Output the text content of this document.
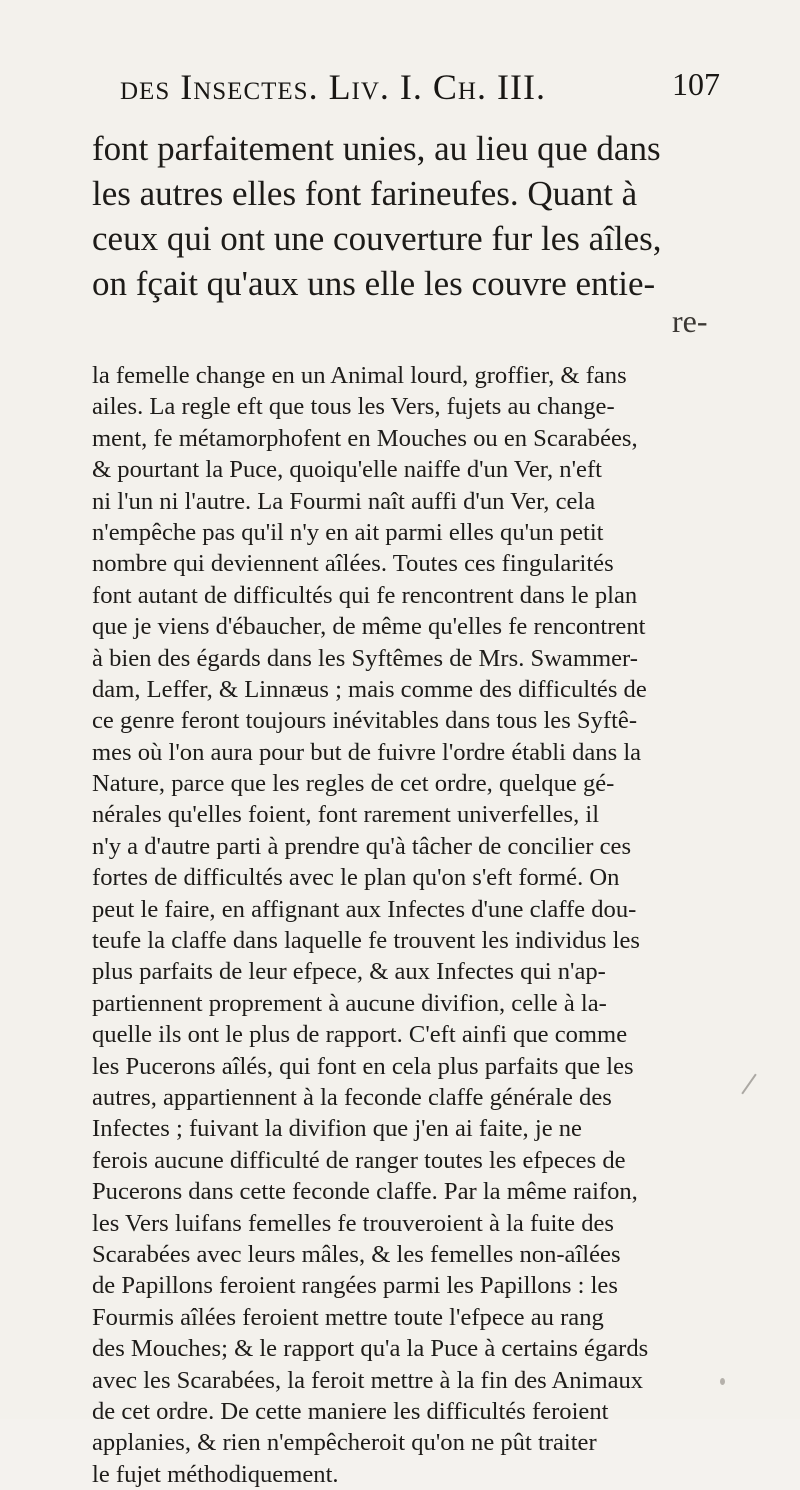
des Insectes. Liv. I. Ch. III.	107
font parfaitement unies, au lieu que dans
les autres elles font farineufes. Quant à
ceux qui ont une couverture fur les aîles,
on fçait qu'aux uns elle les couvre entie-
re-
la femelle change en un Animal lourd, groffier, & fans
ailes. La regle eft que tous les Vers, fujets au change-
ment, fe métamorphofent en Mouches ou en Scarabées,
& pourtant la Puce, quoiqu'elle naiffe d'un Ver, n'eft
ni l'un ni l'autre. La Fourmi naît auffi d'un Ver, cela
n'empêche pas qu'il n'y en ait parmi elles qu'un petit
nombre qui deviennent aîlées. Toutes ces fingularités
font autant de difficultés qui fe rencontrent dans le plan
que je viens d'ébaucher, de même qu'elles fe rencontrent
à bien des égards dans les Syftêmes de Mrs. Swammer-
dam, Leffer, & Linnæus ; mais comme des difficultés de
ce genre feront toujours inévitables dans tous les Syftê-
mes où l'on aura pour but de fuivre l'ordre établi dans la
Nature, parce que les regles de cet ordre, quelque gé-
nérales qu'elles foient, font rarement univerfelles, il
n'y a d'autre parti à prendre qu'à tâcher de concilier ces
fortes de difficultés avec le plan qu'on s'eft formé. On
peut le faire, en affignant aux Infectes d'une claffe dou-
teufe la claffe dans laquelle fe trouvent les individus les
plus parfaits de leur efpece, & aux Infectes qui n'ap-
partiennent proprement à aucune divifion, celle à la-
quelle ils ont le plus de rapport. C'eft ainfi que comme
les Pucerons aîlés, qui font en cela plus parfaits que les
autres, appartiennent à la feconde claffe générale des
Infectes ; fuivant la divifion que j'en ai faite, je ne
ferois aucune difficulté de ranger toutes les efpeces de
Pucerons dans cette feconde claffe. Par la même raifon,
les Vers luifans femelles fe trouveroient à la fuite des
Scarabées avec leurs mâles, & les femelles non-aîlées
de Papillons feroient rangées parmi les Papillons : les
Fourmis aîlées feroient mettre toute l'efpece au rang
des Mouches; & le rapport qu'a la Puce à certains égards
avec les Scarabées, la feroit mettre à la fin des Animaux
de cet ordre. De cette maniere les difficultés feroient
applanies, & rien n'empêcheroit qu'on ne pût traiter
le fujet méthodiquement.
